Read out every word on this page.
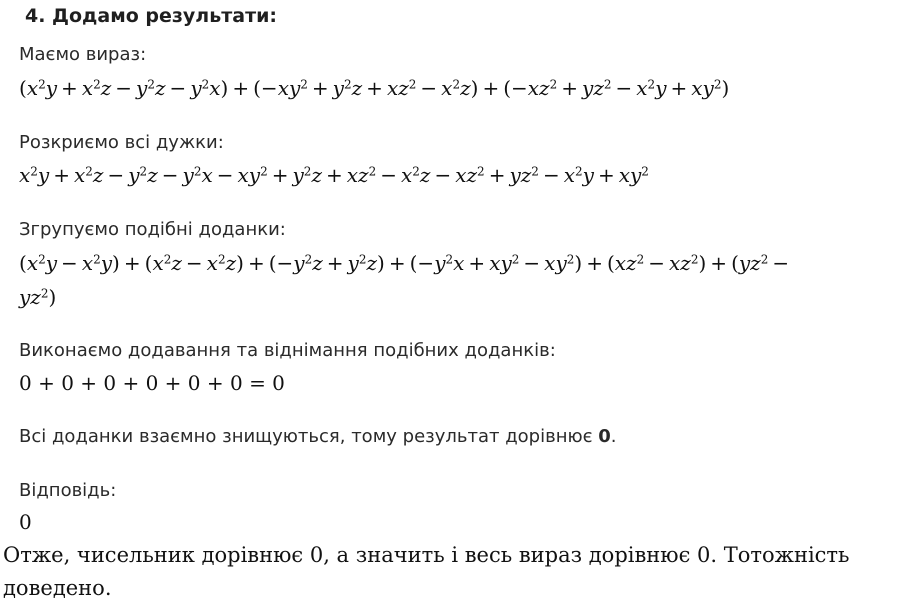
4. Додамо результати:
Маємо вираз:
$(x^2y + x^2z - y^2z - y^2x) + (-xy^2 + y^2z + xz^2 - x^2z) + (-xz^2 + yz^2 - x^2y + xy^2)$
Розкриємо всі дужки:
$x^2y + x^2z - y^2z - y^2x - xy^2 + y^2z + xz^2 - x^2z - xz^2 + yz^2 - x^2y + xy^2$
Згрупуємо подібні доданки:
$(x^2y - x^2y) + (x^2z - x^2z) + (-y^2z + y^2z) + (-y^2x + xy^2 - xy^2) + (xz^2 - xz^2) + (yz^2$ −
$yz^2$)
Виконаємо додавання та віднімання подібних доданків:
0 + 0 + 0 + 0 + 0 + 0 = 0
Всі доданки взаємно знищуються, тому результат дорівнює 0.
Відповідь:
0
Отже, чисельник дорівнює 0, а значить і весь вираз дорівнює 0. Тотожність
доведено.
